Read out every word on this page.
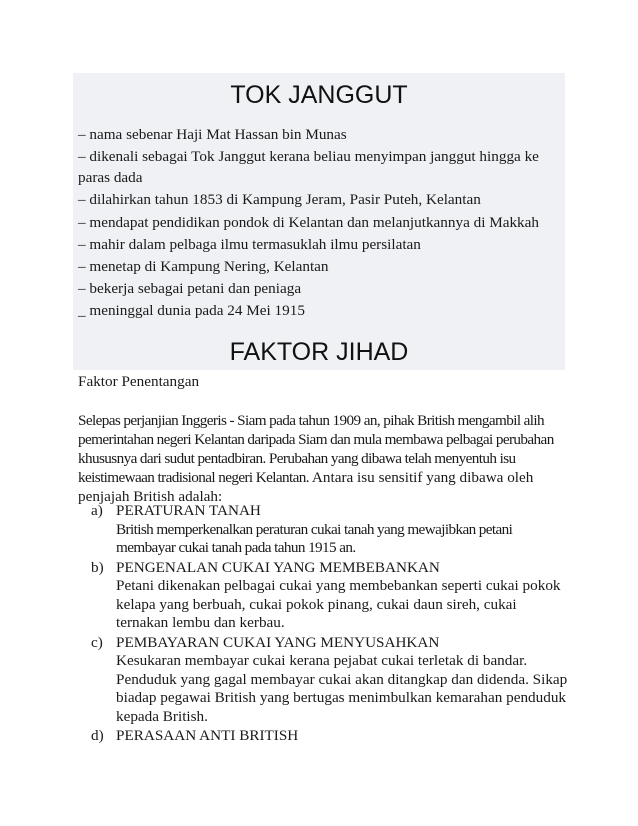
TOK JANGGUT
– nama sebenar Haji Mat Hassan bin Munas
– dikenali sebagai Tok Janggut kerana beliau menyimpan janggut hingga ke paras dada
– dilahirkan tahun 1853 di Kampung Jeram, Pasir Puteh, Kelantan
– mendapat pendidikan pondok di Kelantan dan melanjutkannya di Makkah
– mahir dalam pelbaga ilmu termasuklah ilmu persilatan
– menetap di Kampung Nering, Kelantan
– bekerja sebagai petani dan peniaga
_ meninggal dunia pada 24 Mei 1915
FAKTOR JIHAD
Faktor Penentangan
Selepas perjanjian Inggeris - Siam pada tahun 1909 an, pihak British mengambil alih pemerintahan negeri Kelantan daripada Siam dan mula membawa pelbagai perubahan khususnya dari sudut pentadbiran. Perubahan yang dibawa telah menyentuh isu keistimewaan tradisional negeri Kelantan. Antara isu sensitif yang dibawa oleh penjajah British adalah:
a) PERATURAN TANAH
British memperkenalkan peraturan cukai tanah yang mewajibkan petani membayar cukai tanah pada tahun 1915 an.
b) PENGENALAN CUKAI YANG MEMBEBANKAN
Petani dikenakan pelbagai cukai yang membebankan seperti cukai pokok kelapa yang berbuah, cukai pokok pinang, cukai daun sireh, cukai ternakan lembu dan kerbau.
c) PEMBAYARAN CUKAI YANG MENYUSAHKAN
Kesukaran membayar cukai kerana pejabat cukai terletak di bandar. Penduduk yang gagal membayar cukai akan ditangkap dan didenda. Sikap biadap pegawai British yang bertugas menimbulkan kemarahan penduduk kepada British.
d) PERASAAN ANTI BRITISH
